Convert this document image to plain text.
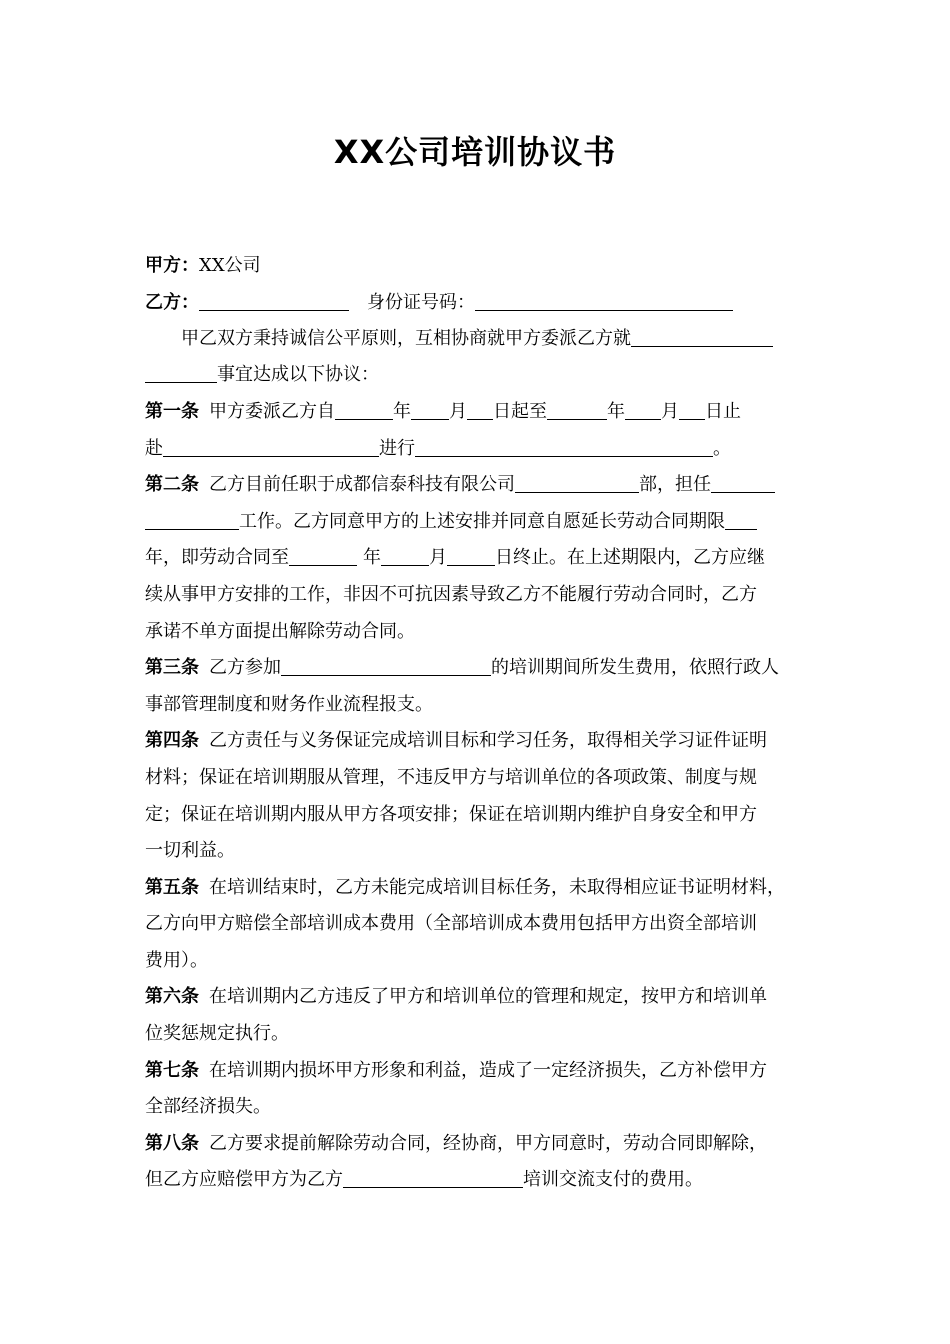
XX公司培训协议书
甲方：XX公司
乙方：	身份证号码：
甲乙双方秉持诚信公平原则，互相协商就甲方委派乙方就
事宜达成以下协议：
第一条 甲方委派乙方自	年 月 日起至	年 月 日止
赴	进行	。
第二条 乙方目前任职于成都信泰科技有限公司	部，担任
工作。乙方同意甲方的上述安排并同意自愿延长劳动合同期限
年，即劳动合同至	年	月	日终止。在上述期限内，乙方应继
续从事甲方安排的工作，非因不可抗因素导致乙方不能履行劳动合同时，乙方
承诺不单方面提出解除劳动合同。
第三条 乙方参加	的培训期间所发生费用，依照行政人
事部管理制度和财务作业流程报支。
第四条 乙方责任与义务保证完成培训目标和学习任务，取得相关学习证件证明
材料；保证在培训期服从管理，不违反甲方与培训单位的各项政策、制度与规
定；保证在培训期内服从甲方各项安排；保证在培训期内维护自身安全和甲方
一切利益。
第五条 在培训结束时，乙方未能完成培训目标任务，未取得相应证书证明材料，
乙方向甲方赔偿全部培训成本费用（全部培训成本费用包括甲方出资全部培训
费用）。
第六条 在培训期内乙方违反了甲方和培训单位的管理和规定，按甲方和培训单
位奖惩规定执行。
第七条 在培训期内损坏甲方形象和利益，造成了一定经济损失，乙方补偿甲方
全部经济损失。
第八条 乙方要求提前解除劳动合同，经协商，甲方同意时，劳动合同即解除，
但乙方应赔偿甲方为乙方	培训交流支付的费用。
